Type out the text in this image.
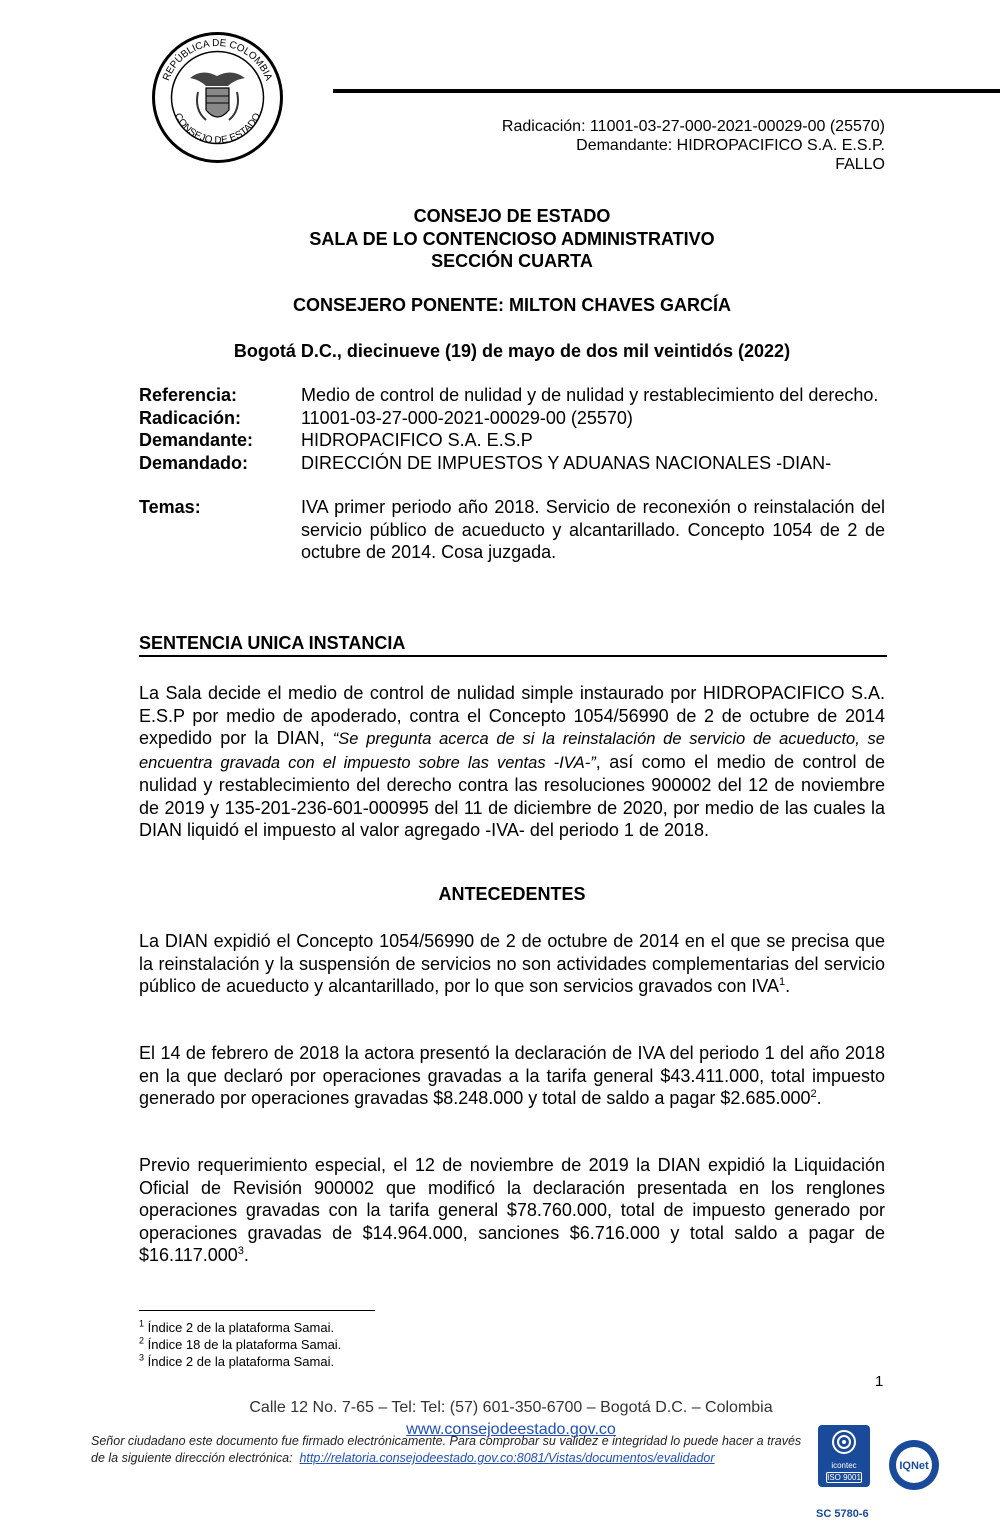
REPÚBLICA DE COLOMBIA
CONSEJO DE ESTADO
Radicación: 11001-03-27-000-2021-00029-00 (25570)
Demandante: HIDROPACIFICO S.A. E.S.P.
FALLO
CONSEJO DE ESTADO
SALA DE LO CONTENCIOSO ADMINISTRATIVO
SECCIÓN CUARTA
CONSEJERO PONENTE: MILTON CHAVES GARCÍA
Bogotá D.C., diecinueve (19) de mayo de dos mil veintidós (2022)
Referencia:	Medio de control de nulidad y de nulidad y restablecimiento del derecho.
Radicación:	11001-03-27-000-2021-00029-00 (25570)
Demandante:	HIDROPACIFICO S.A. E.S.P
Demandado:	DIRECCIÓN DE IMPUESTOS Y ADUANAS NACIONALES -DIAN-
Temas:	IVA primer periodo año 2018. Servicio de reconexión o reinstalación del servicio público de acueducto y alcantarillado. Concepto 1054 de 2 de octubre de 2014. Cosa juzgada.
SENTENCIA UNICA INSTANCIA
La Sala decide el medio de control de nulidad simple instaurado por HIDROPACIFICO S.A. E.S.P por medio de apoderado, contra el Concepto 1054/56990 de 2 de octubre de 2014 expedido por la DIAN, “Se pregunta acerca de si la reinstalación de servicio de acueducto, se encuentra gravada con el impuesto sobre las ventas -IVA-”, así como el medio de control de nulidad y restablecimiento del derecho contra las resoluciones 900002 del 12 de noviembre de 2019 y 135-201-236-601-000995 del 11 de diciembre de 2020, por medio de las cuales la DIAN liquidó el impuesto al valor agregado -IVA- del periodo 1 de 2018.
ANTECEDENTES
La DIAN expidió el Concepto 1054/56990 de 2 de octubre de 2014 en el que se precisa que la reinstalación y la suspensión de servicios no son actividades complementarias del servicio público de acueducto y alcantarillado, por lo que son servicios gravados con IVA$^1$.
El 14 de febrero de 2018 la actora presentó la declaración de IVA del periodo 1 del año 2018 en la que declaró por operaciones gravadas a la tarifa general $43.411.000, total impuesto generado por operaciones gravadas $8.248.000 y total de saldo a pagar $2.685.000$^2$.
Previo requerimiento especial, el 12 de noviembre de 2019 la DIAN expidió la Liquidación Oficial de Revisión 900002 que modificó la declaración presentada en los renglones operaciones gravadas con la tarifa general $78.760.000, total de impuesto generado por operaciones gravadas de $14.964.000, sanciones $6.716.000 y total saldo a pagar de $16.117.000$^3$.
$^1$ Índice 2 de la plataforma Samai.
$^2$ Índice 18 de la plataforma Samai.
$^3$ Índice 2 de la plataforma Samai.
1
Calle 12 No. 7-65 – Tel: Tel: (57) 601-350-6700 – Bogotá D.C. – Colombia
www.consejodeestado.gov.co
Señor ciudadano este documento fue firmado electrónicamente. Para comprobar su validez e integridad lo puede hacer a través de la siguiente dirección electrónica: http://relatoria.consejodeestado.gov.co:8081/Vistas/documentos/evalidador
icontec
ISO 9001
IQNet
SC 5780-6
